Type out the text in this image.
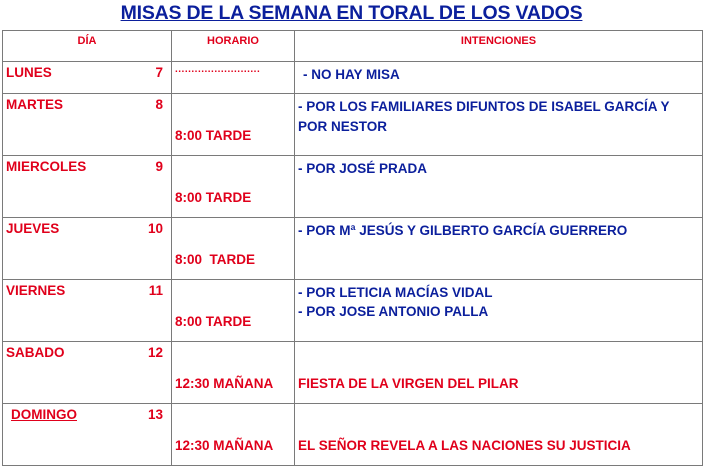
MISAS DE LA SEMANA EN TORAL DE LOS VADOS
DÍA	HORARIO	INTENCIONES

LUNES 7	..........................	- NO HAY MISA

MARTES 8	8:00 TARDE	- POR LOS FAMILIARES DIFUNTOS DE ISABEL GARCÍA Y POR NESTOR

MIERCOLES 9	8:00 TARDE	- POR JOSÉ PRADA

JUEVES 10	8:00  TARDE	- POR Mª JESÚS Y GILBERTO GARCÍA GUERRERO

VIERNES 11	8:00 TARDE	- POR LETICIA MACÍAS VIDAL
- POR JOSE ANTONIO PALLA

SABADO 12	12:30 MAÑANA	FIESTA DE LA VIRGEN DEL PILAR

DOMINGO 13	12:30 MAÑANA	EL SEÑOR REVELA A LAS NACIONES SU JUSTICIA
